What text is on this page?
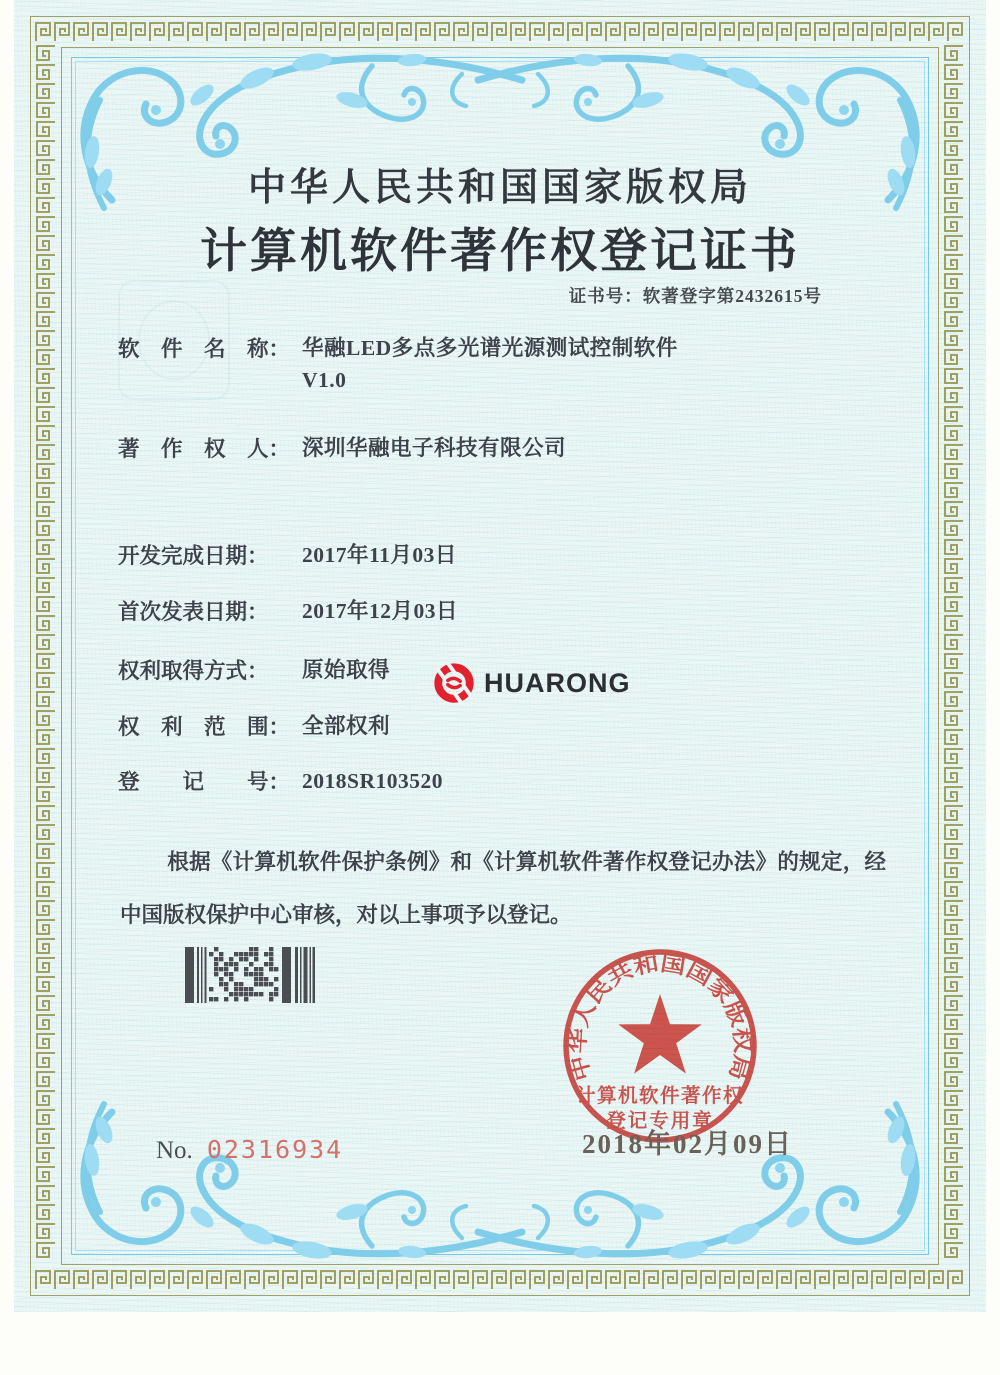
中华人民共和国国家版权局
计算机软件著作权登记证书
证书号：软著登字第2432615号
软　件　名　称： 华融LED多点多光谱光源测试控制软件
V1.0
著　作　权　人： 深圳华融电子科技有限公司
开发完成日期：	2017年11月03日
首次发表日期：	2017年12月03日
权利取得方式：	原始取得
权　利　范　围： 全部权利
登　　记　　号： 2018SR103520
根据《计算机软件保护条例》和《计算机软件著作权登记办法》的规定，经中国版权保护中心审核，对以上事项予以登记。
HUARONG
中华人民共和国国家版权局
计算机软件著作权
登记专用章
2018年02月09日
No. 02316934
